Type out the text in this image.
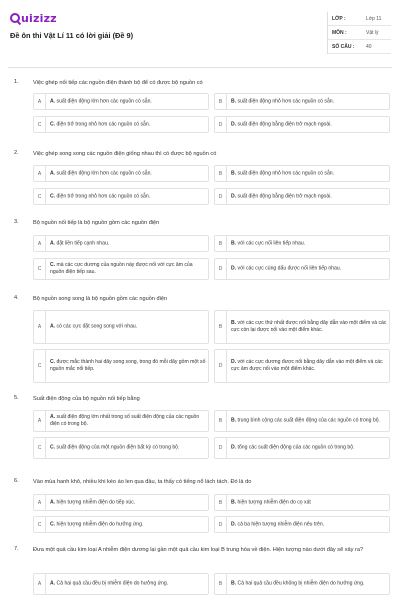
uizizz
Đề ôn thi Vật Lí 11 có lời giải (Đề 9)
LỚP :	Lớp 11
MÔN :	Vật lý
SỐ CÂU : 40
1.	Việc ghép nối tiếp các nguồn điện thành bộ để có được bộ nguồn có
A	A. suất điện động lớn hơn các nguồn có sẵn.	B	B. suất điện động nhỏ hơn các nguồn có sẵn.
C	C. điện trở trong nhỏ hơn các nguồn có sẵn.	D	D. suất điện động bằng điện trở mạch ngoài.
2.	Việc ghép song song các nguồn điện giống nhau thì có được bộ nguồn có
A	A. suất điện động lớn hơn các nguồn có sẵn.	B	B. suất điện động nhỏ hơn các nguồn có sẵn.
C	C. điện trở trong nhỏ hơn các nguồn có sẵn.	D	D. suất điện động bằng điện trở mạch ngoài.
3.	Bộ nguồn nối tiếp là bộ nguồn gồm các nguồn điện
A	A. đặt liền tiếp cạnh nhau.	B	B. với các cực nối liên tiếp nhau.
C
C. mà các cực dương của nguồn này được nối với cực âm của nguồn điện tiếp sau.	D	D. với các cực cùng dấu được nối liên tiếp nhau.
4.	Bộ nguồn song song là bộ nguồn gồm các nguồn điện
A	A. có các cực đặt song song với nhau.	B
B. với các cực thứ nhất được nối bằng dây dẫn vào một điểm và các cực còn lại được nối vào một điểm khác.
C
C. được mắc thành hai dãy song song, trong đó mỗi dãy gồm một số nguồn mắc nối tiếp.	D
D. với các cực dương được nối bằng dây dẫn vào một điểm và các cực âm được nối vào một điểm khác.
5.	Suất điện động của bộ nguồn nối tiếp bằng
A
A. suất điện động lớn nhất trong số suất điện động của các nguồn điện có trong bộ.	B	B. trung bình cộng các suất điện động của các nguồn có trong bộ.
C	C. suất điện động của một nguồn điện bất kỳ có trong bộ.	D	D. tổng các suất điện động của các nguồn có trong bộ.
6.	Vào mùa hanh khô, nhiều khi kéo áo len qua đầu, ta thấy có tiếng nổ lách tách. Đó là do
A	A. hiện tượng nhiễm điện do tiếp xúc.	B	B. hiện tượng nhiễm điện do cọ xát
C	C. hiện tượng nhiễm điện do hưởng ứng.	D	D. cả ba hiện tượng nhiễm điện nêu trên.
7.	Đưa một quả cầu kim loại A nhiễm điện dương lại gần một quả cầu kim loại B trung hòa về điện. Hiện tượng nào dưới đây sẽ xảy ra?
A	A. Cả hai quả cầu đều bị nhiễm điện do hưởng ứng.	B	B. Cả hai quả cầu đều không bị nhiễm điện do hưởng ứng.
